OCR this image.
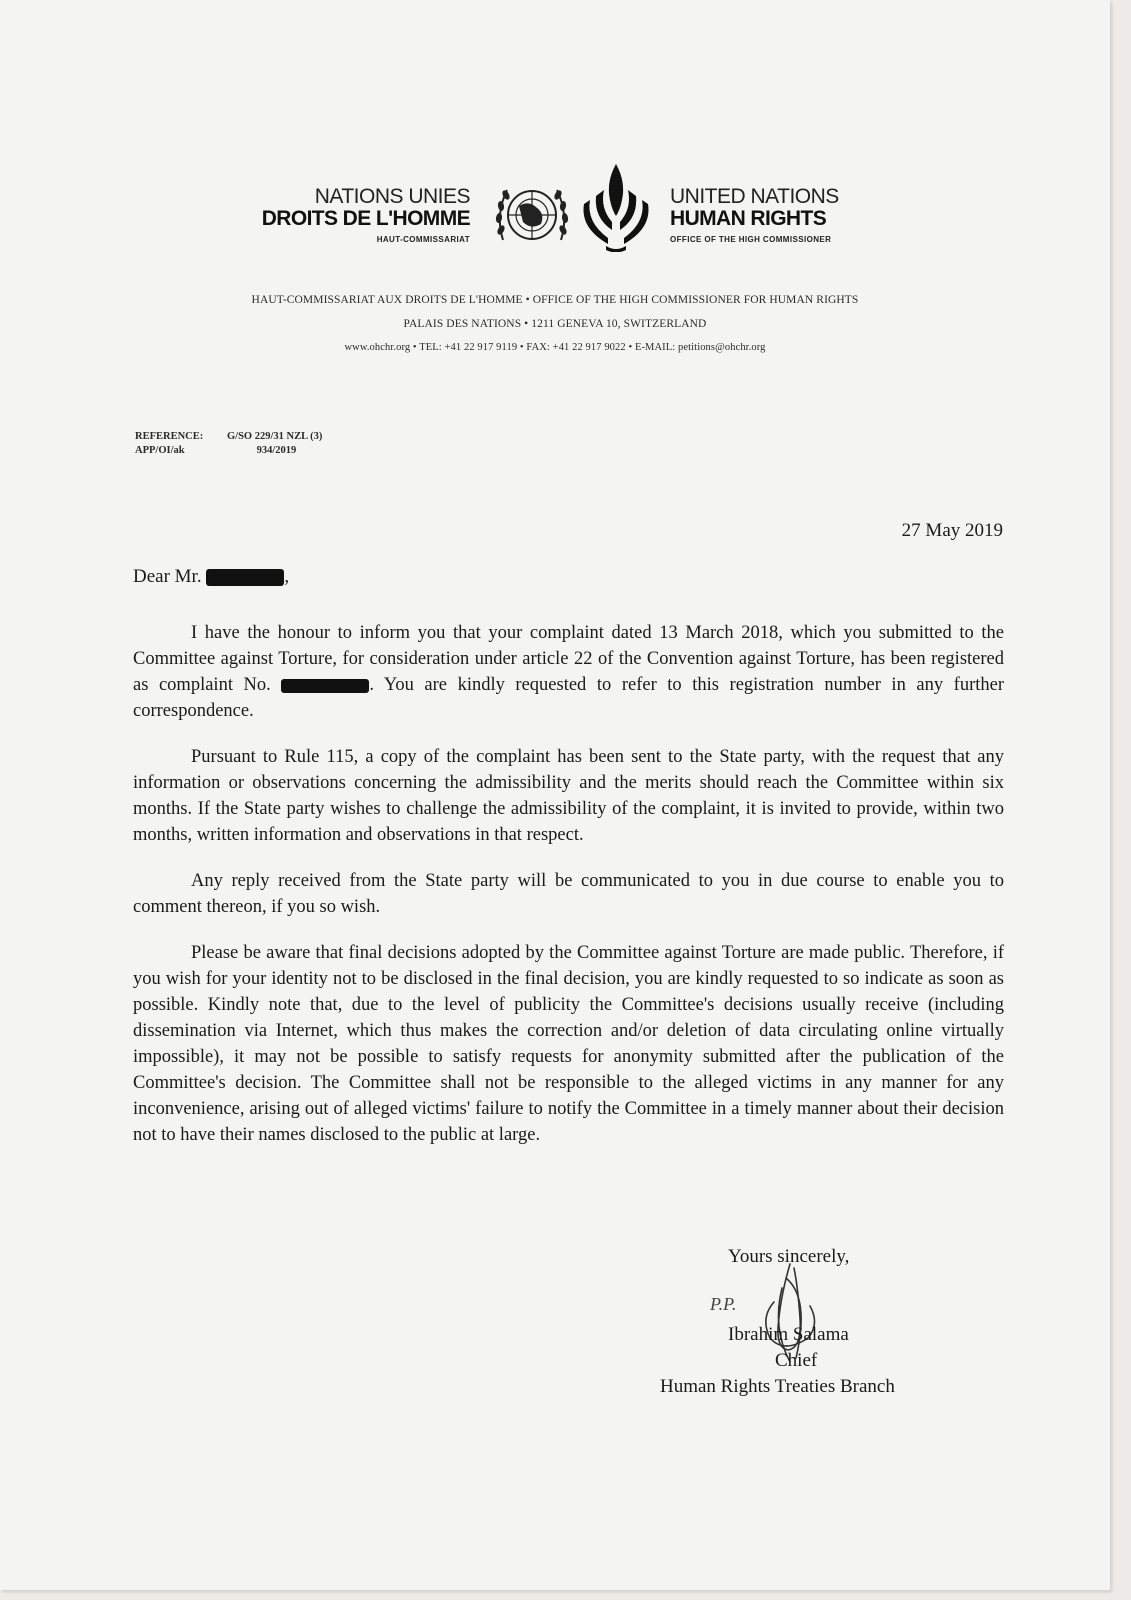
NATIONS UNIES
DROITS DE L'HOMME
HAUT-COMMISSARIAT
UNITED NATIONS
HUMAN RIGHTS
OFFICE OF THE HIGH COMMISSIONER
HAUT-COMMISSARIAT AUX DROITS DE L'HOMME • OFFICE OF THE HIGH COMMISSIONER FOR HUMAN RIGHTS
PALAIS DES NATIONS • 1211 GENEVA 10, SWITZERLAND
www.ohchr.org • TEL: +41 22 917 9119 • FAX: +41 22 917 9022 • E-MAIL: petitions@ohchr.org
REFERENCE:	G/SO 229/31 NZL (3)
APP/OI/ak	934/2019
27 May 2019
Dear Mr.	,

I have the honour to inform you that your complaint dated 13 March 2018, which you submitted to the Committee against Torture, for consideration under article 22 of the Convention against Torture, has been registered as complaint No.	. You are kindly requested to refer to this registration number in any further correspondence.

Pursuant to Rule 115, a copy of the complaint has been sent to the State party, with the request that any information or observations concerning the admissibility and the merits should reach the Committee within six months. If the State party wishes to challenge the admissibility of the complaint, it is invited to provide, within two months, written information and observations in that respect.

Any reply received from the State party will be communicated to you in due course to enable you to comment thereon, if you so wish.

Please be aware that final decisions adopted by the Committee against Torture are made public. Therefore, if you wish for your identity not to be disclosed in the final decision, you are kindly requested to so indicate as soon as possible. Kindly note that, due to the level of publicity the Committee's decisions usually receive (including dissemination via Internet, which thus makes the correction and/or deletion of data circulating online virtually impossible), it may not be possible to satisfy requests for anonymity submitted after the publication of the Committee's decision. The Committee shall not be responsible to the alleged victims in any manner for any inconvenience, arising out of alleged victims' failure to notify the Committee in a timely manner about their decision not to have their names disclosed to the public at large.

Yours sincerely,
P.P.
Ibrahim Salama
Chief
Human Rights Treaties Branch
